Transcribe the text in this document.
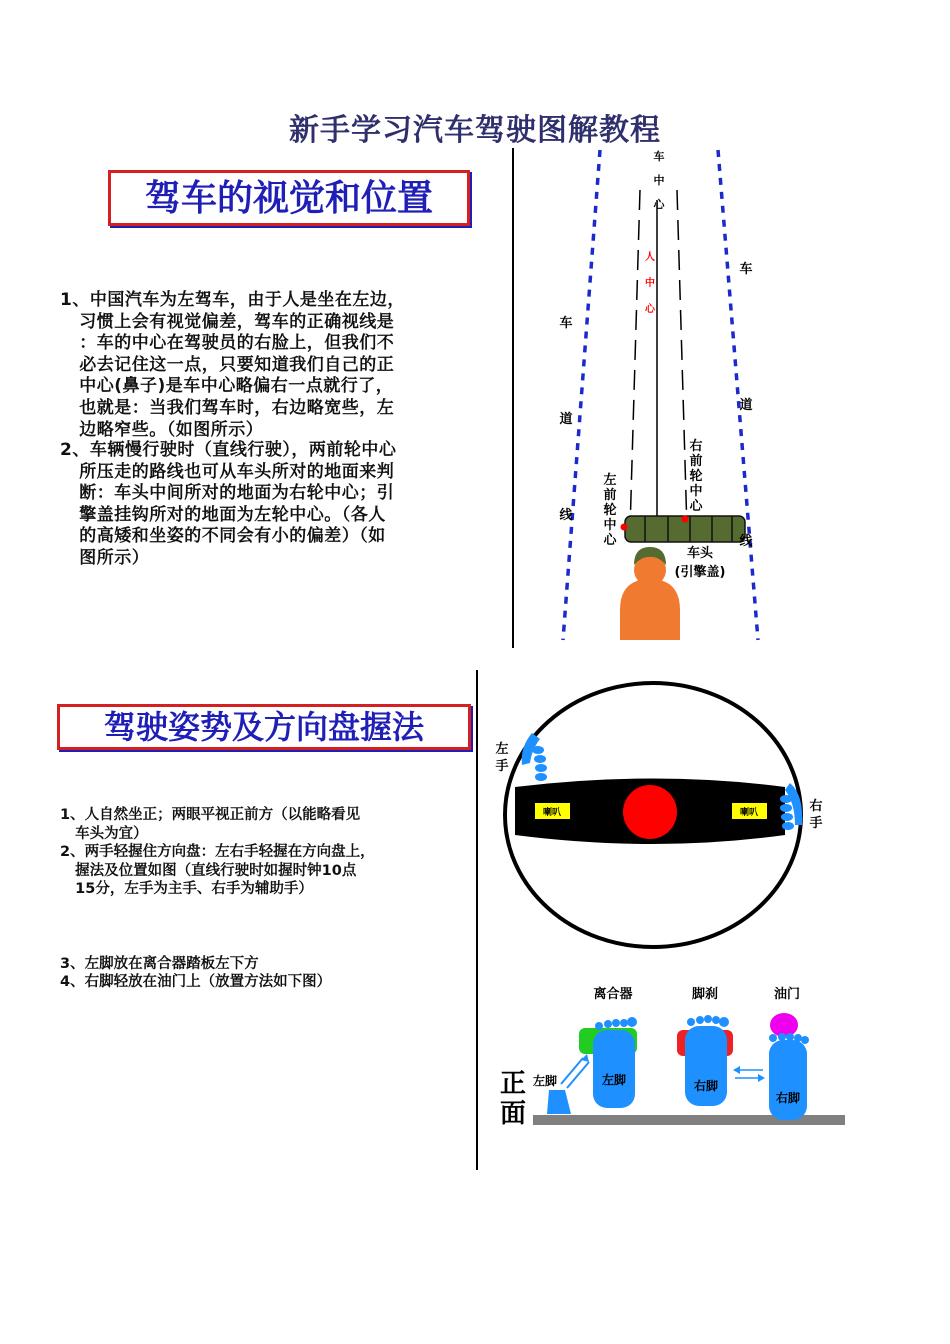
新手学习汽车驾驶图解教程
驾车的视觉和位置
1、中国汽车为左驾车，由于人是坐在左边，
习惯上会有视觉偏差，驾车的正确视线是
：车的中心在驾驶员的右脸上，但我们不
必去记住这一点，只要知道我们自己的正
中心(鼻子)是车中心略偏右一点就行了，
也就是：当我们驾车时，右边略宽些，左
边略窄些。（如图所示）
2、车辆慢行驶时（直线行驶），两前轮中心
所压走的路线也可从车头所对的地面来判
断：车头中间所对的地面为右轮中心；引
擎盖挂钩所对的地面为左轮中心。（各人
的高矮和坐姿的不同会有小的偏差）（如
图所示）
车中心
人中心
车道线
车道线
右前轮中心
左前轮中心
车头
(引擎盖)
驾驶姿势及方向盘握法
1、人自然坐正；两眼平视正前方（以能略看见
车头为宜）
2、两手轻握住方向盘：左右手轻握在方向盘上，
握法及位置如图（直线行驶时如握时钟10点
15分，左手为主手、右手为辅助手）
3、左脚放在离合器踏板左下方
4、右脚轻放在油门上（放置方法如下图）
喇叭	喇叭
左手
右手
离合器	脚刹	油门
左脚	右脚
右脚
左脚
正面
